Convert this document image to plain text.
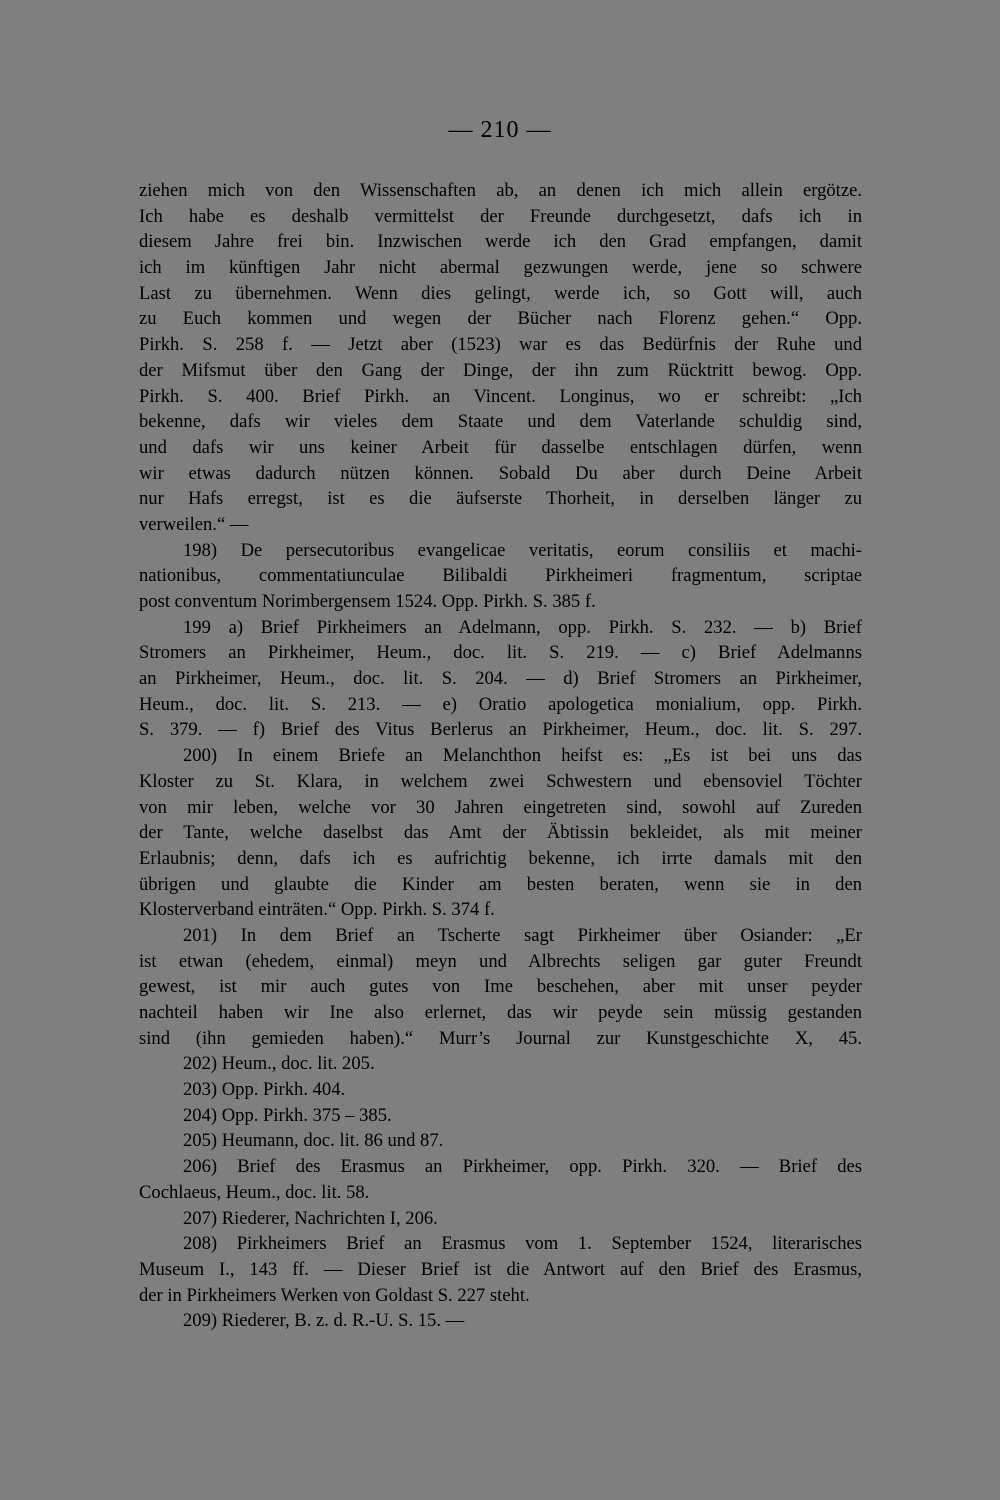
— 210 —
ziehen mich von den Wissenschaften ab, an denen ich mich allein ergötze.
Ich habe es deshalb vermittelst der Freunde durchgesetzt, dafs ich in
diesem Jahre frei bin. Inzwischen werde ich den Grad empfangen, damit
ich im künftigen Jahr nicht abermal gezwungen werde, jene so schwere
Last zu übernehmen. Wenn dies gelingt, werde ich, so Gott will, auch
zu Euch kommen und wegen der Bücher nach Florenz gehen.“ Opp.
Pirkh. S. 258 f. — Jetzt aber (1523) war es das Bedürfnis der Ruhe und
der Mifsmut über den Gang der Dinge, der ihn zum Rücktritt bewog. Opp.
Pirkh. S. 400. Brief Pirkh. an Vincent. Longinus, wo er schreibt: „Ich
bekenne, dafs wir vieles dem Staate und dem Vaterlande schuldig sind,
und dafs wir uns keiner Arbeit für dasselbe entschlagen dürfen, wenn
wir etwas dadurch nützen können. Sobald Du aber durch Deine Arbeit
nur Hafs erregst, ist es die äufserste Thorheit, in derselben länger zu
verweilen.“ —
198) De persecutoribus evangelicae veritatis, eorum consiliis et machi-
nationibus, commentatiunculae Bilibaldi Pirkheimeri fragmentum, scriptae
post conventum Norimbergensem 1524. Opp. Pirkh. S. 385 f.
199 a) Brief Pirkheimers an Adelmann, opp. Pirkh. S. 232. — b) Brief
Stromers an Pirkheimer, Heum., doc. lit. S. 219. — c) Brief Adelmanns
an Pirkheimer, Heum., doc. lit. S. 204. — d) Brief Stromers an Pirkheimer,
Heum., doc. lit. S. 213. — e) Oratio apologetica monialium, opp. Pirkh.
S. 379. — f) Brief des Vitus Berlerus an Pirkheimer, Heum., doc. lit. S. 297.
200) In einem Briefe an Melanchthon heifst es: „Es ist bei uns das
Kloster zu St. Klara, in welchem zwei Schwestern und ebensoviel Töchter
von mir leben, welche vor 30 Jahren eingetreten sind, sowohl auf Zureden
der Tante, welche daselbst das Amt der Äbtissin bekleidet, als mit meiner
Erlaubnis; denn, dafs ich es aufrichtig bekenne, ich irrte damals mit den
übrigen und glaubte die Kinder am besten beraten, wenn sie in den
Klosterverband einträten.“ Opp. Pirkh. S. 374 f.
201) In dem Brief an Tscherte sagt Pirkheimer über Osiander: „Er
ist etwan (ehedem, einmal) meyn und Albrechts seligen gar guter Freundt
gewest, ist mir auch gutes von Ime beschehen, aber mit unser peyder
nachteil haben wir Ine also erlernet, das wir peyde sein müssig gestanden
sind (ihn gemieden haben).“ Murr’s Journal zur Kunstgeschichte X, 45.
202) Heum., doc. lit. 205.
203) Opp. Pirkh. 404.
204) Opp. Pirkh. 375 – 385.
205) Heumann, doc. lit. 86 und 87.
206) Brief des Erasmus an Pirkheimer, opp. Pirkh. 320. — Brief des
Cochlaeus, Heum., doc. lit. 58.
207) Riederer, Nachrichten I, 206.
208) Pirkheimers Brief an Erasmus vom 1. September 1524, literarisches
Museum I., 143 ff. — Dieser Brief ist die Antwort auf den Brief des Erasmus,
der in Pirkheimers Werken von Goldast S. 227 steht.
209) Riederer, B. z. d. R.-U. S. 15. —
